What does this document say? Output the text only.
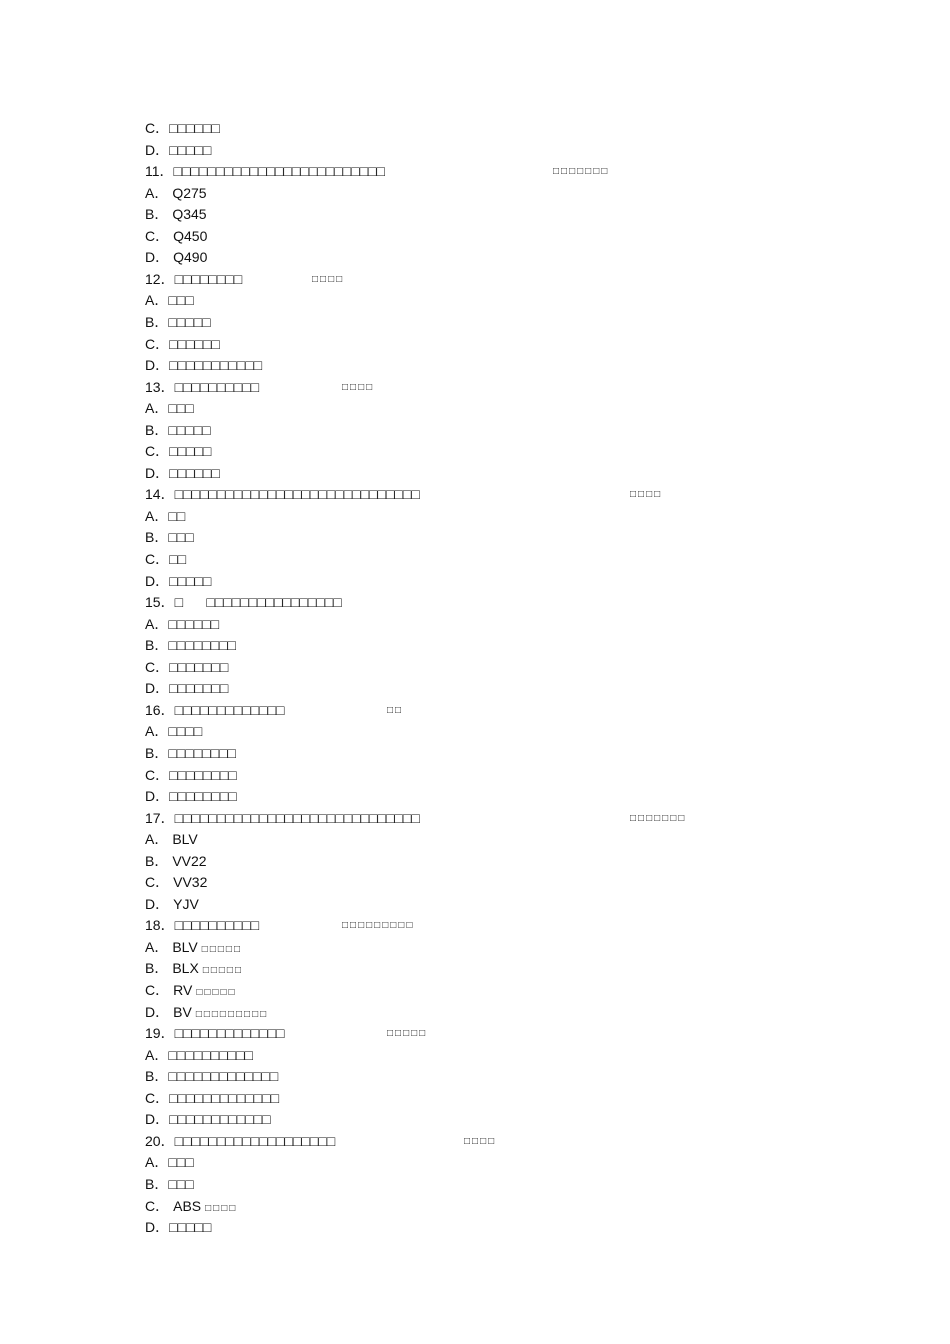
C．□□□□□□
D．□□□□□
11．□□□□□□□□□□□□□□□□□□□□□□□□□	□□□□□□□
A． Q275
B． Q345
C． Q450
D． Q490
12．□□□□□□□□	□□□□
A．□□□
B．□□□□□
C．□□□□□□
D．□□□□□□□□□□□
13．□□□□□□□□□□	□□□□
A．□□□
B．□□□□□
C．□□□□□
D．□□□□□□
14．□□□□□□□□□□□□□□□□□□□□□□□□□□□□□	□□□□
A．□□
B．□□□
C．□□
D．□□□□□
15．□      □□□□□□□□□□□□□□□□
A．□□□□□□
B．□□□□□□□□
C．□□□□□□□
D．□□□□□□□
16．□□□□□□□□□□□□□	□□
A．□□□□
B．□□□□□□□□
C．□□□□□□□□
D．□□□□□□□□
17．□□□□□□□□□□□□□□□□□□□□□□□□□□□□□	□□□□□□□
A． BLV
B． VV22
C． VV32
D． YJV
18．□□□□□□□□□□	□□□□□□□□□
A． BLV □□□□□
B． BLX □□□□□
C． RV □□□□□
D． BV □□□□□□□□□
19．□□□□□□□□□□□□□	□□□□□
A．□□□□□□□□□□
B．□□□□□□□□□□□□□
C．□□□□□□□□□□□□□
D．□□□□□□□□□□□□
20．□□□□□□□□□□□□□□□□□□□	□□□□
A．□□□
B．□□□
C． ABS □□□□
D．□□□□□
